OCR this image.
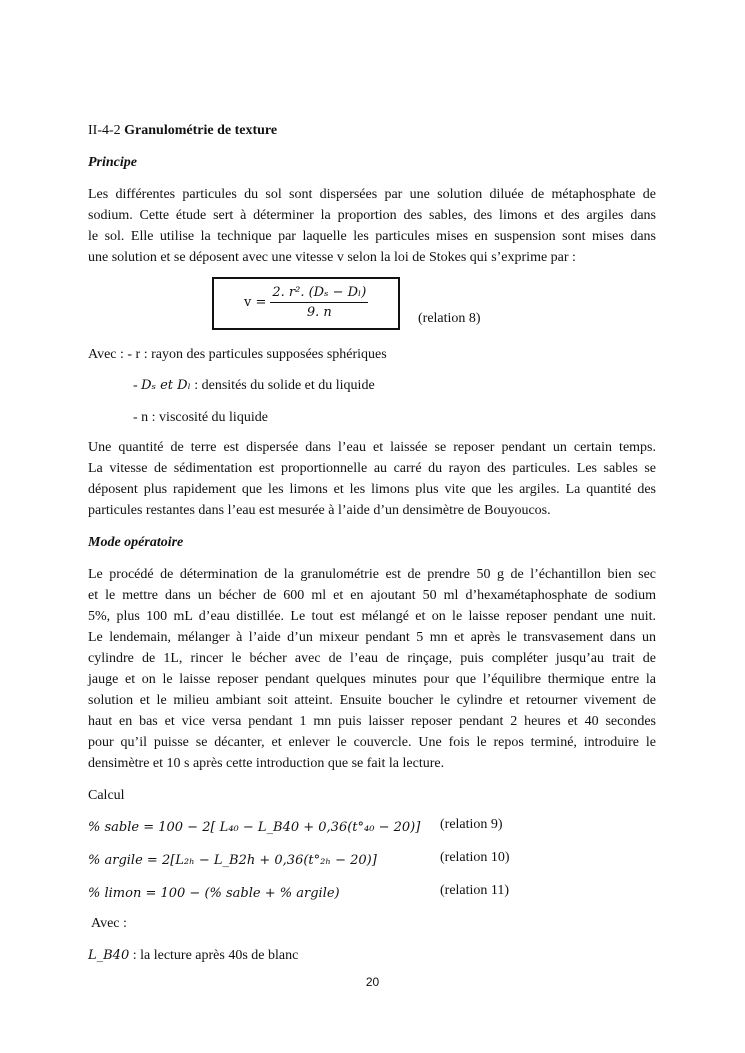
II-4-2 Granulométrie de texture

Principe

Les différentes particules du sol sont dispersées par une solution diluée de métaphosphate de

sodium. Cette étude sert à déterminer la proportion des sables, des limons et des argiles dans

le sol. Elle utilise la technique par laquelle les particules mises en suspension sont mises dans

une solution et se déposent avec une vitesse v selon la loi de Stokes qui s’exprime par :

$v = \frac{\text{2. r². (Dₛ − Dₗ)}}{9. n}$	(relation 8)

Avec : - r : rayon des particules supposées sphériques

- Dₛ et Dₗ : densités du solide et du liquide

- n : viscosité du liquide

Une quantité de terre est dispersée dans l’eau et laissée se reposer pendant un certain temps.

La vitesse de sédimentation est proportionnelle au carré du rayon des particules. Les sables se

déposent plus rapidement que les limons et les limons plus vite que les argiles. La quantité des

particules restantes dans l’eau est mesurée à l’aide d’un densimètre de Bouyoucos.

Mode opératoire

Le procédé de détermination de la granulométrie est de prendre 50 g de l’échantillon bien sec

et le mettre dans un bécher de 600 ml et en ajoutant 50 ml d’hexamétaphosphate de sodium

5%, plus 100 mL d’eau distillée. Le tout est mélangé et on le laisse reposer pendant une nuit.

Le lendemain, mélanger à l’aide d’un mixeur pendant 5 mn et après le transvasement dans un

cylindre de 1L, rincer le bécher avec de l’eau de rinçage, puis compléter jusqu’au trait de

jauge et on le laisse reposer pendant quelques minutes pour que l’équilibre thermique entre la

solution et le milieu ambiant soit atteint. Ensuite boucher le cylindre et retourner vivement de

haut en bas et vice versa pendant 1 mn puis laisser reposer pendant 2 heures et 40 secondes

pour qu’il puisse se décanter, et enlever le couvercle. Une fois le repos terminé, introduire le

densimètre et 10 s après cette introduction que se fait la lecture.

Calcul

% sable = 100 − 2[ L₄₀ − L_B40 + 0,36(t°₄₀ − 20)]	(relation 9)

% argile = 2[L₂ₕ − L_B2h + 0,36(t°₂ₕ − 20)]	(relation 10)

% limon = 100 − (% sable + % argile)	(relation 11)

Avec :

L_B40 : la lecture après 40s de blanc

20
